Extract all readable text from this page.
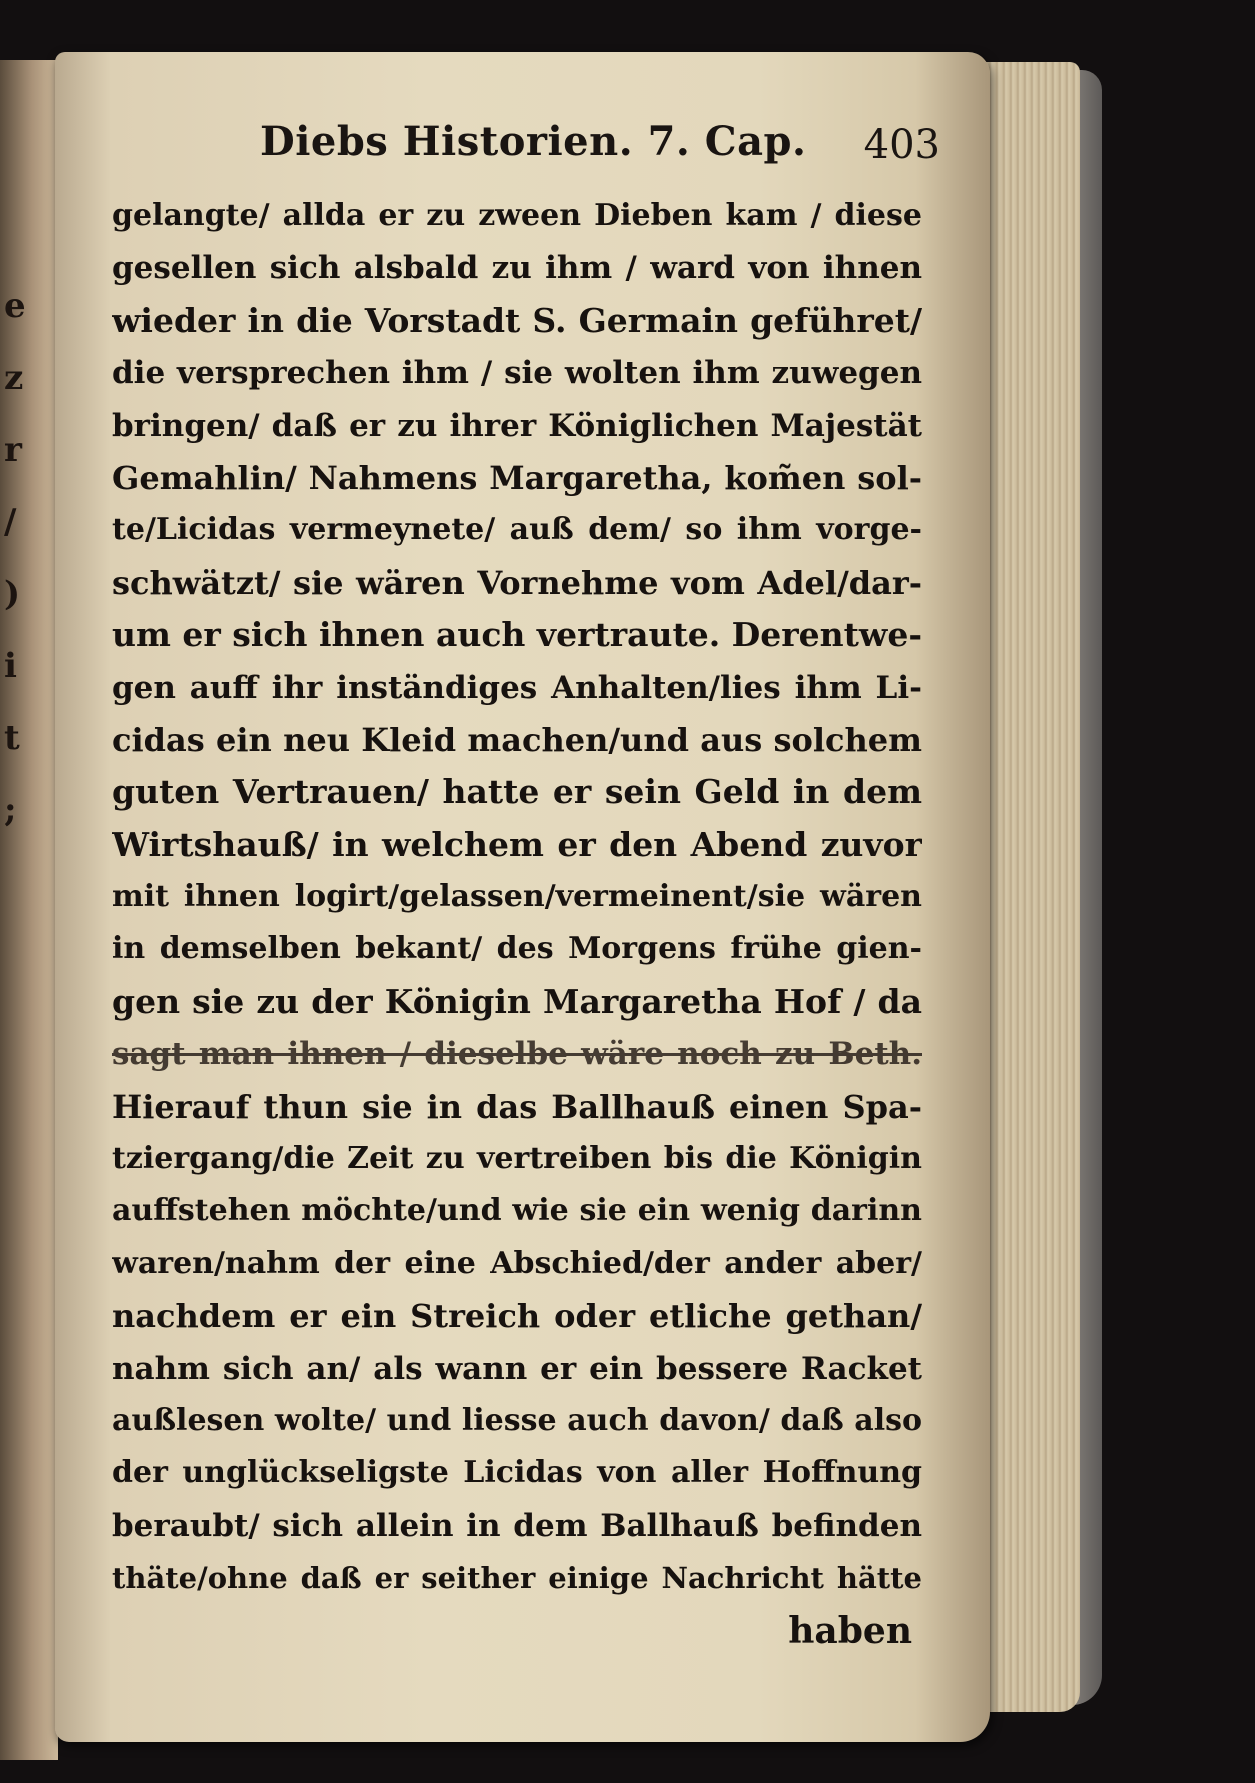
e
z
r
/
)
i
t
;
Diebs Historien. 7. Cap. 403
gelangte/ allda er zu zween Dieben kam / diese
gesellen sich alsbald zu ihm / ward von ihnen
wieder in die Vorstadt S. Germain geführet/
die versprechen ihm / sie wolten ihm zuwegen
bringen/ daß er zu ihrer Königlichen Majestät
Gemahlin/ Nahmens Margaretha, kom̃en sol-
te/Licidas vermeynete/ auß dem/ so ihm vorge-
schwätzt/ sie wären Vornehme vom Adel/dar-
um er sich ihnen auch vertraute. Derentwe-
gen auff ihr inständiges Anhalten/lies ihm Li-
cidas ein neu Kleid machen/und aus solchem
guten Vertrauen/ hatte er sein Geld in dem
Wirtshauß/ in welchem er den Abend zuvor
mit ihnen logirt/gelassen/vermeinent/sie wären
in demselben bekant/ des Morgens frühe gien-
gen sie zu der Königin Margaretha Hof / da
sagt man ihnen / dieselbe wäre noch zu Beth.
Hierauf thun sie in das Ballhauß einen Spa-
tziergang/die Zeit zu vertreiben bis die Königin
auffstehen möchte/und wie sie ein wenig darinn
waren/nahm der eine Abschied/der ander aber/
nachdem er ein Streich oder etliche gethan/
nahm sich an/ als wann er ein bessere Racket
außlesen wolte/ und liesse auch davon/ daß also
der unglückseligste Licidas von aller Hoffnung
beraubt/ sich allein in dem Ballhauß befinden
thäte/ohne daß er seither einige Nachricht hätte
haben
